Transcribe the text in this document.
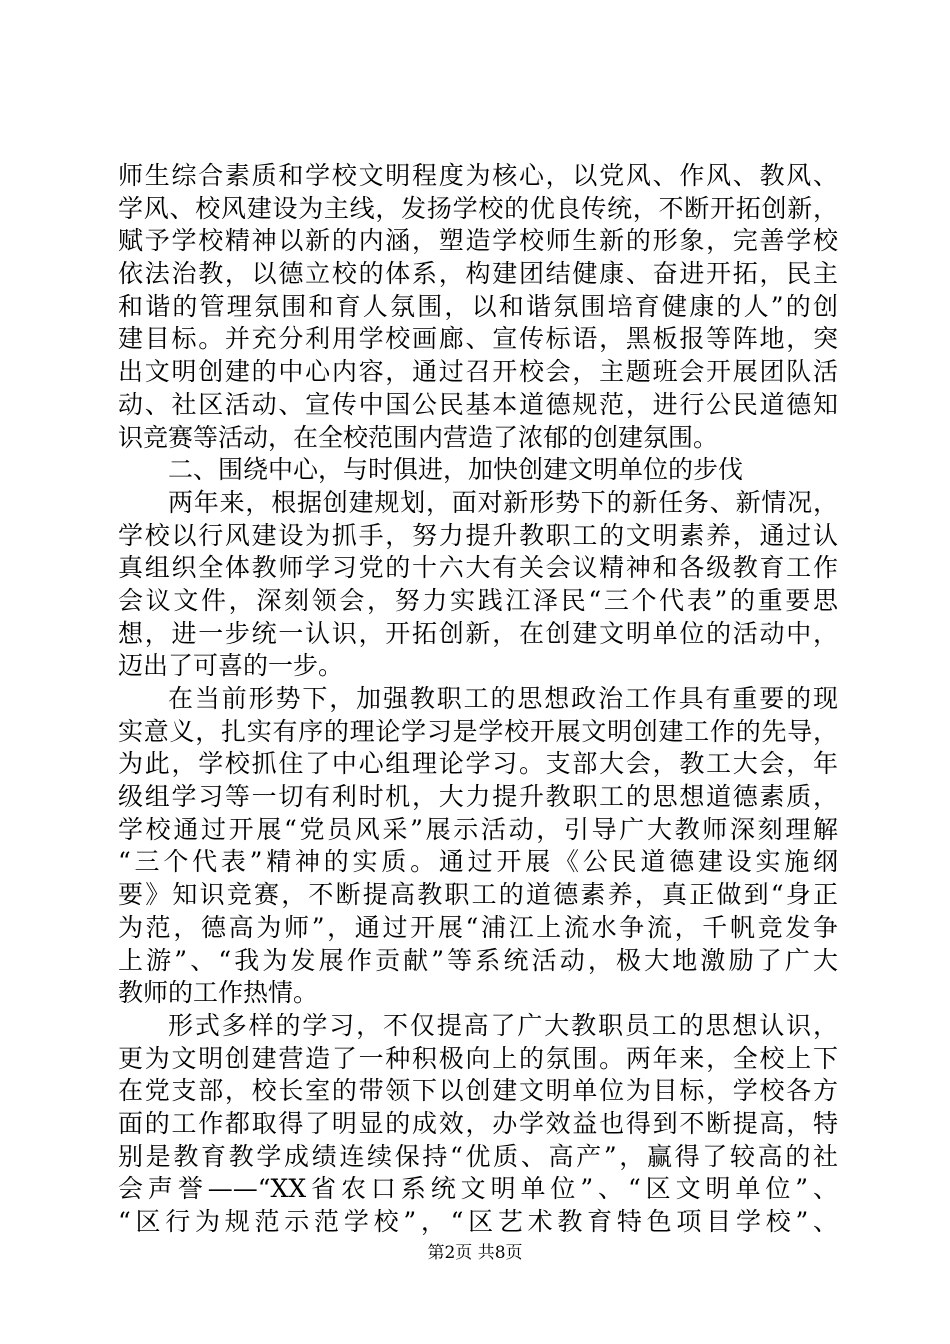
师生综合素质和学校文明程度为核心，以党风、作风、教风、
学风、校风建设为主线，发扬学校的优良传统，不断开拓创新，
赋予学校精神以新的内涵，塑造学校师生新的形象，完善学校
依法治教，以德立校的体系，构建团结健康、奋进开拓，民主
和谐的管理氛围和育人氛围，以和谐氛围培育健康的人”的创
建目标。并充分利用学校画廊、宣传标语，黑板报等阵地，突
出文明创建的中心内容，通过召开校会，主题班会开展团队活
动、社区活动、宣传中国公民基本道德规范，进行公民道德知
识竞赛等活动，在全校范围内营造了浓郁的创建氛围。
二、围绕中心，与时俱进，加快创建文明单位的步伐
两年来，根据创建规划，面对新形势下的新任务、新情况，
学校以行风建设为抓手，努力提升教职工的文明素养，通过认
真组织全体教师学习党的十六大有关会议精神和各级教育工作
会议文件，深刻领会，努力实践江泽民“三个代表”的重要思
想，进一步统一认识，开拓创新，在创建文明单位的活动中，
迈出了可喜的一步。
在当前形势下，加强教职工的思想政治工作具有重要的现
实意义，扎实有序的理论学习是学校开展文明创建工作的先导，
为此，学校抓住了中心组理论学习。支部大会，教工大会，年
级组学习等一切有利时机，大力提升教职工的思想道德素质，
学校通过开展“党员风采”展示活动，引导广大教师深刻理解
“三个代表”精神的实质。通过开展《公民道德建设实施纲
要》知识竞赛，不断提高教职工的道德素养，真正做到“身正
为范，德高为师”，通过开展“浦江上流水争流，千帆竞发争
上游”、“我为发展作贡献”等系统活动，极大地激励了广大
教师的工作热情。
形式多样的学习，不仅提高了广大教职员工的思想认识，
更为文明创建营造了一种积极向上的氛围。两年来，全校上下
在党支部，校长室的带领下以创建文明单位为目标，学校各方
面的工作都取得了明显的成效，办学效益也得到不断提高，特
别是教育教学成绩连续保持“优质、高产”，赢得了较高的社
会声誉——“XX省农口系统文明单位”、“区文明单位”、
“区行为规范示范学校”，“区艺术教育特色项目学校”、
第2页 共8页
